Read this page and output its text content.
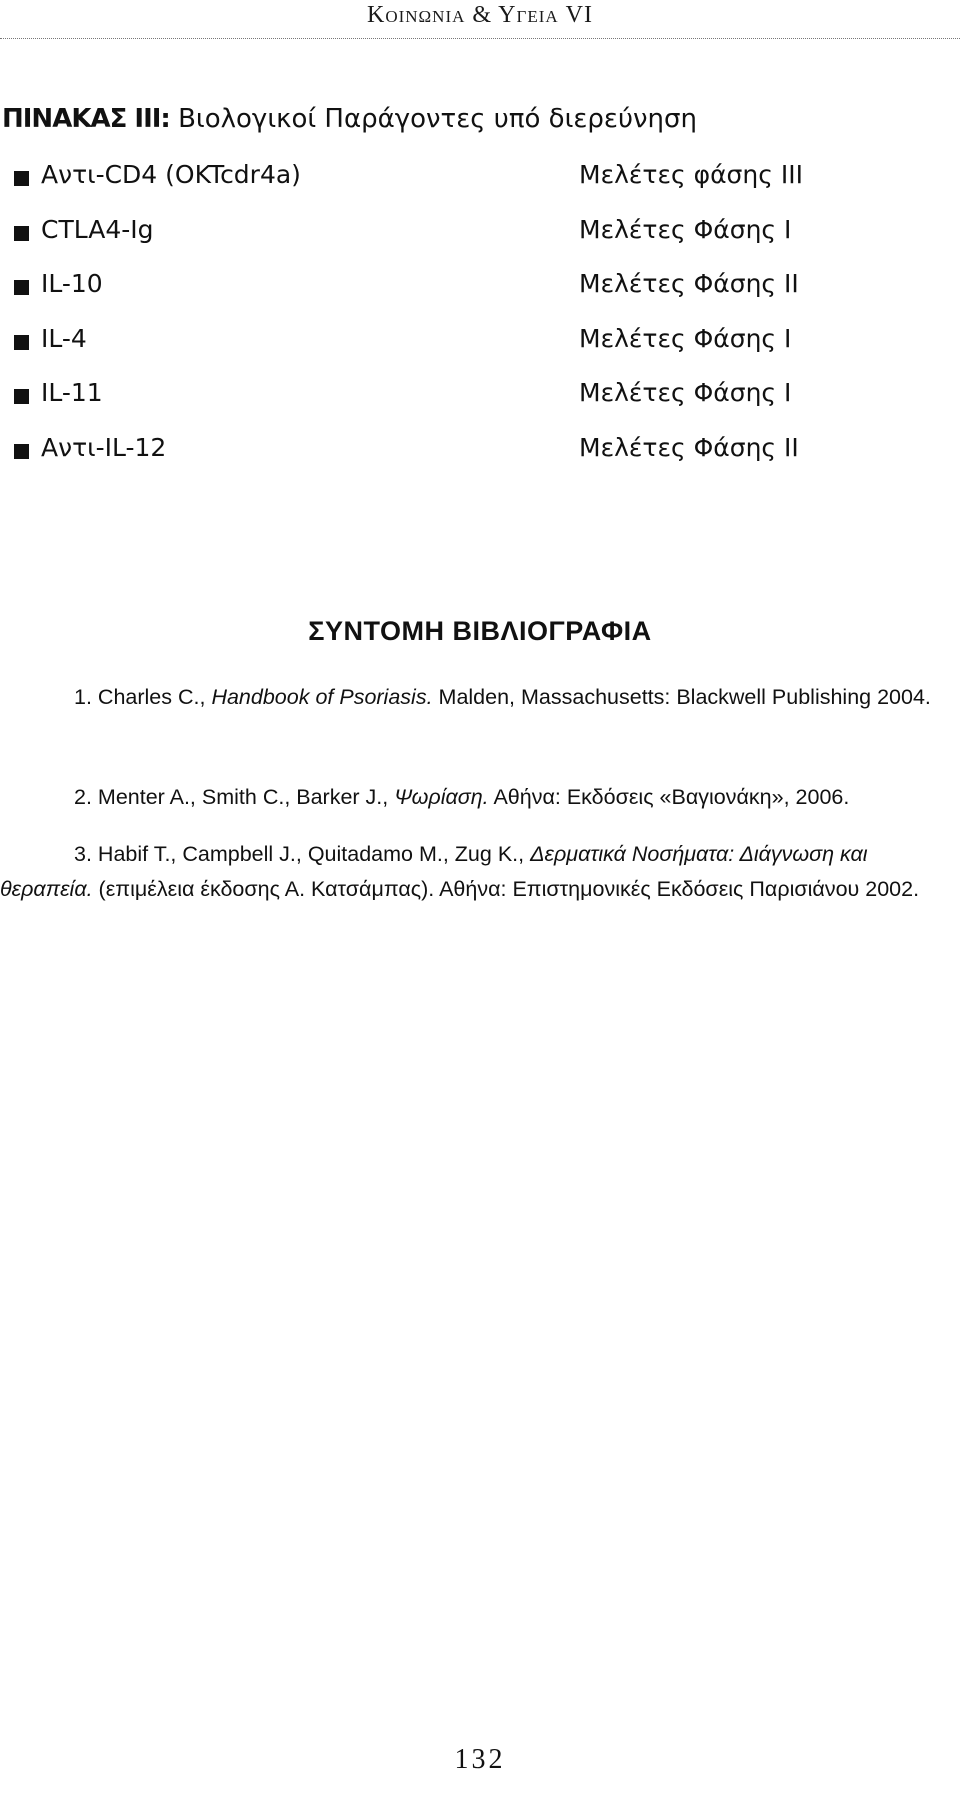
Κοινωνια & Υγεια VI
ΠΙΝΑΚΑΣ ΙΙΙ: Βιολογικοί Παράγοντες υπό διερεύνηση
Αντι-CD4 (OKTcdr4a)	Μελέτες φάσης ΙΙΙ
CTLA4-Ig	Μελέτες Φάσης Ι
IL-10	Μελέτες Φάσης ΙΙ
IL-4	Μελέτες Φάσης Ι
IL-11	Μελέτες Φάσης Ι
Αντι-IL-12	Μελέτες Φάσης ΙΙ
ΣΥΝΤΟΜΗ ΒΙΒΛΙΟΓΡΑΦΙΑ

1. Charles C., Handbook of Psoriasis. Malden, Massachusetts: Blackwell Publishing 2004.

2. Menter A., Smith C., Barker J., Ψωρίαση. Αθήνα: Εκδόσεις «Βαγιονάκη», 2006.

3. Habif T., Campbell J., Quitadamo M., Zug K., Δερματικά Νοσήματα: Διάγνωση και θεραπεία. (επιμέλεια έκδοσης Α. Κατσάμπας). Αθήνα: Επιστημονικές Εκδόσεις Παρισιάνου 2002.

132
